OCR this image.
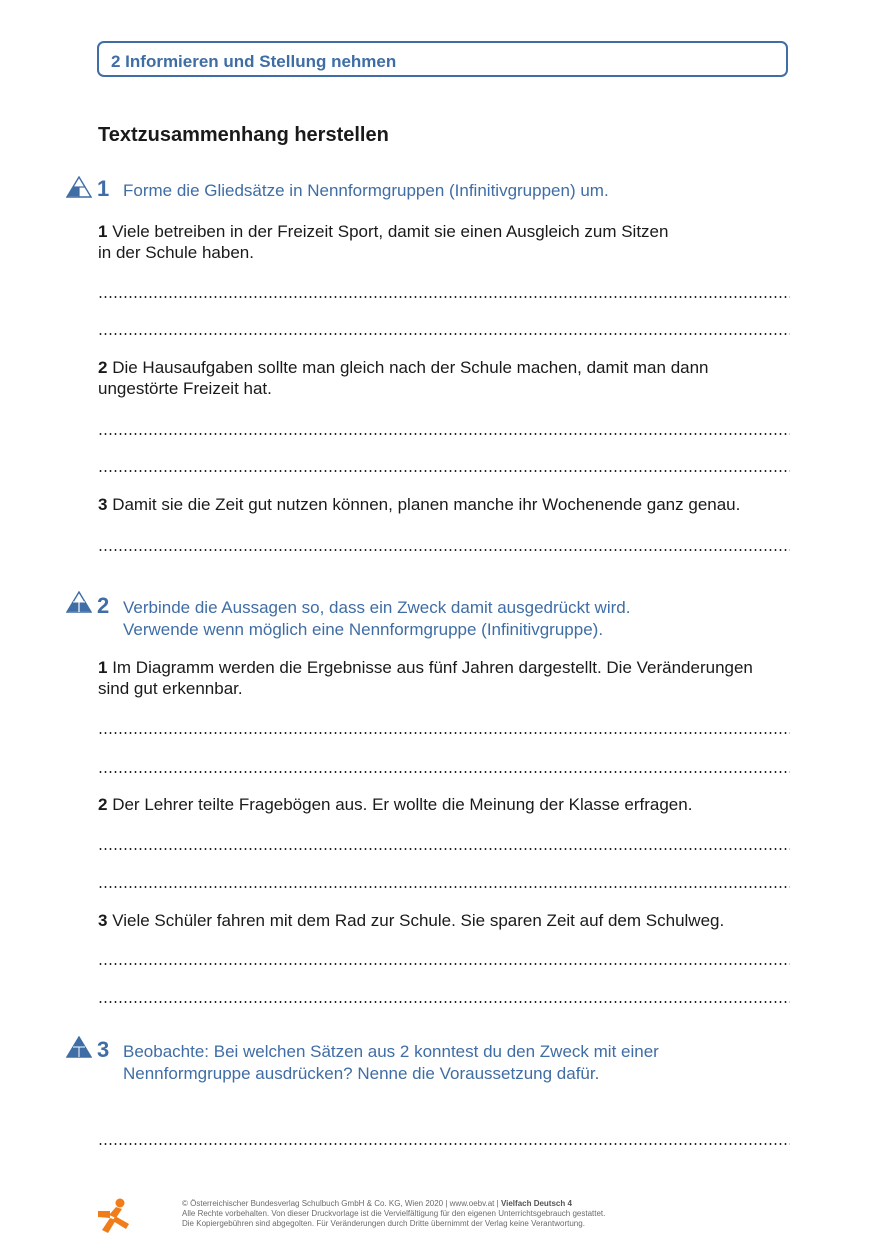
2 Informieren und Stellung nehmen
Textzusammenhang herstellen
1 Forme die Gliedsätze in Nennformgruppen (Infinitivgruppen) um.
1 Viele betreiben in der Freizeit Sport, damit sie einen Ausgleich zum Sitzen
in der Schule haben.
2 Die Hausaufgaben sollte man gleich nach der Schule machen, damit man dann
ungestörte Freizeit hat.
3 Damit sie die Zeit gut nutzen können, planen manche ihr Wochenende ganz genau.
2 Verbinde die Aussagen so, dass ein Zweck damit ausgedrückt wird.
Verwende wenn möglich eine Nennformgruppe (Infinitivgruppe).
1 Im Diagramm werden die Ergebnisse aus fünf Jahren dargestellt. Die Veränderungen
sind gut erkennbar.
2 Der Lehrer teilte Fragebögen aus. Er wollte die Meinung der Klasse erfragen.
3 Viele Schüler fahren mit dem Rad zur Schule. Sie sparen Zeit auf dem Schulweg.
3 Beobachte: Bei welchen Sätzen aus 2 konntest du den Zweck mit einer
Nennformgruppe ausdrücken? Nenne die Voraussetzung dafür.
© Österreichischer Bundesverlag Schulbuch GmbH & Co. KG, Wien 2020 | www.oebv.at | Vielfach Deutsch 4
Alle Rechte vorbehalten. Von dieser Druckvorlage ist die Vervielfältigung für den eigenen Unterrichtsgebrauch gestattet.
Die Kopiergebühren sind abgegolten. Für Veränderungen durch Dritte übernimmt der Verlag keine Verantwortung.
